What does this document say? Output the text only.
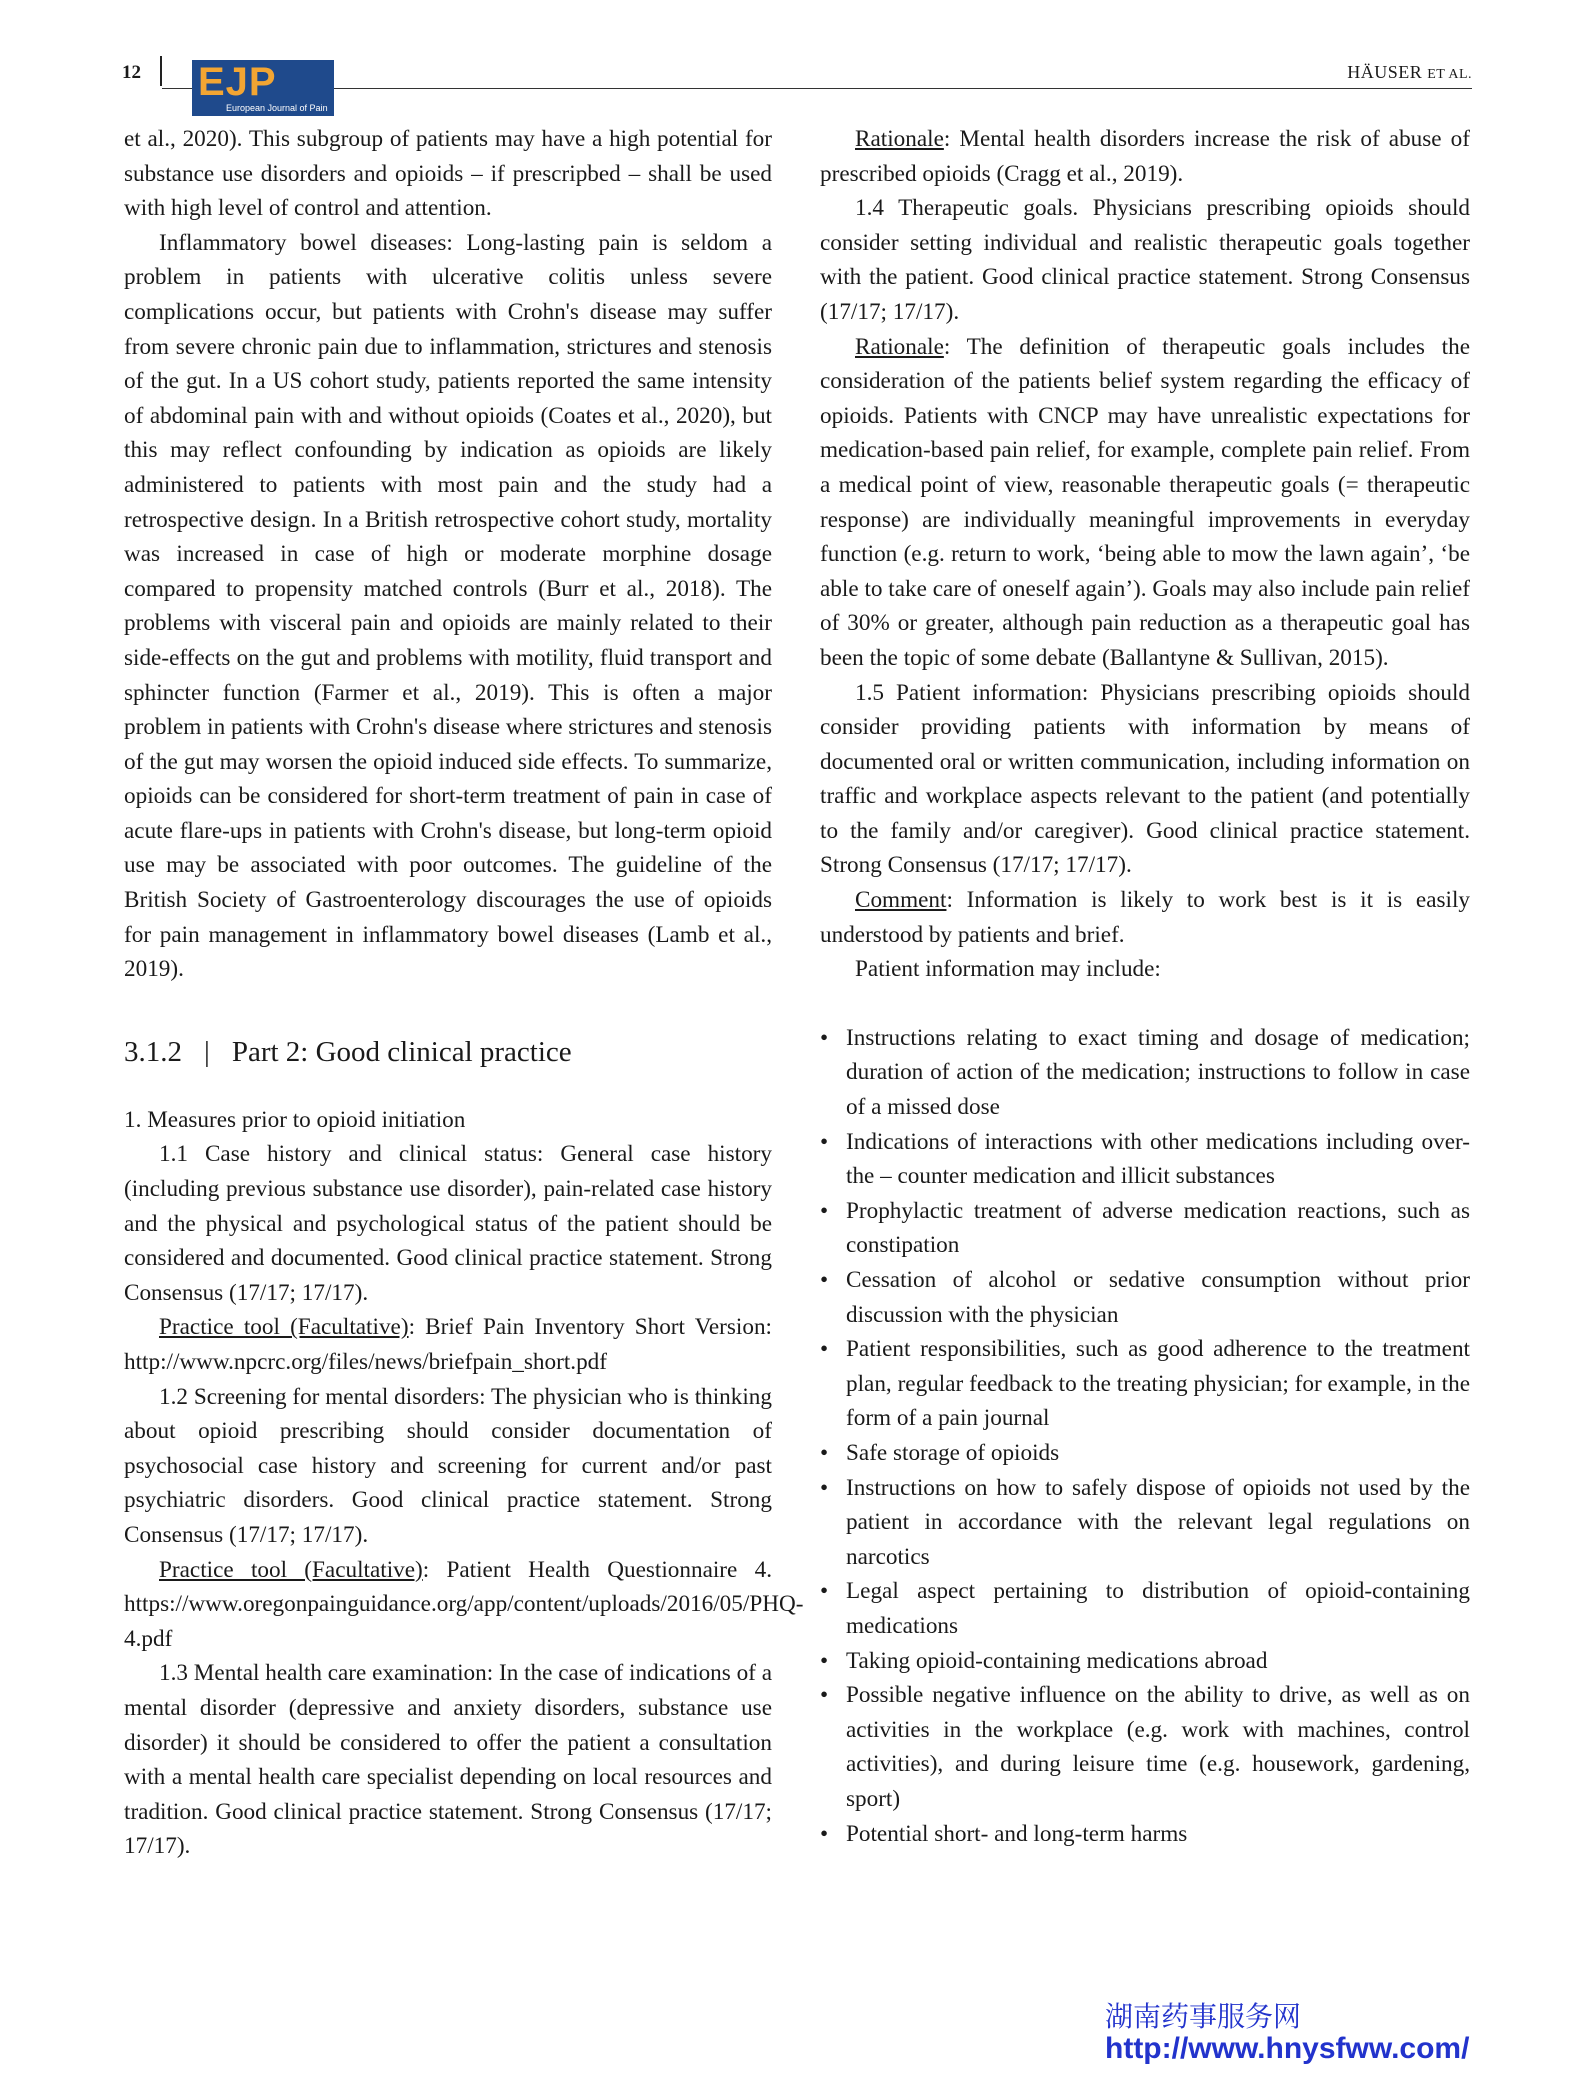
12 EJP
European Journal of Pain
HÄUSER ET AL.

et al., 2020). This subgroup of patients may have a high potential for substance use disorders and opioids – if prescripbed – shall be used with high level of control and attention.

Inflammatory bowel diseases: Long-lasting pain is seldom a problem in patients with ulcerative colitis unless severe complications occur, but patients with Crohn's disease may suffer from severe chronic pain due to inflammation, strictures and stenosis of the gut. In a US cohort study, patients reported the same intensity of abdominal pain with and without opioids (Coates et al., 2020), but this may reflect confounding by indication as opioids are likely administered to patients with most pain and the study had a retrospective design. In a British retrospective cohort study, mortality was increased in case of high or moderate morphine dosage compared to propensity matched controls (Burr et al., 2018). The problems with visceral pain and opioids are mainly related to their side-effects on the gut and problems with motility, fluid transport and sphincter function (Farmer et al., 2019). This is often a major problem in patients with Crohn's disease where strictures and stenosis of the gut may worsen the opioid induced side effects. To summarize, opioids can be considered for short-term treatment of pain in case of acute flare-ups in patients with Crohn's disease, but long-term opioid use may be associated with poor outcomes. The guideline of the British Society of Gastroenterology discourages the use of opioids for pain management in inflammatory bowel diseases (Lamb et al., 2019).

3.1.2 | Part 2: Good clinical practice

1. Measures prior to opioid initiation

1.1 Case history and clinical status: General case history (including previous substance use disorder), pain-related case history and the physical and psychological status of the patient should be considered and documented. Good clinical practice statement. Strong Consensus (17/17; 17/17).

Practice tool (Facultative): Brief Pain Inventory Short Version: http://www.npcrc.org/files/news/briefpain_short.pdf

1.2 Screening for mental disorders: The physician who is thinking about opioid prescribing should consider documentation of psychosocial case history and screening for current and/or past psychiatric disorders. Good clinical practice statement. Strong Consensus (17/17; 17/17).

Practice tool (Facultative): Patient Health Questionnaire 4. https://www.oregonpainguidance.org/app/content/uploads/2016/05/PHQ-4.pdf

1.3 Mental health care examination: In the case of indications of a mental disorder (depressive and anxiety disorders, substance use disorder) it should be considered to offer the patient a consultation with a mental health care specialist depending on local resources and tradition. Good clinical practice statement. Strong Consensus (17/17; 17/17).

Rationale: Mental health disorders increase the risk of abuse of prescribed opioids (Cragg et al., 2019).

1.4 Therapeutic goals. Physicians prescribing opioids should consider setting individual and realistic therapeutic goals together with the patient. Good clinical practice statement. Strong Consensus (17/17; 17/17).

Rationale: The definition of therapeutic goals includes the consideration of the patients belief system regarding the efficacy of opioids. Patients with CNCP may have unrealistic expectations for medication-based pain relief, for example, complete pain relief. From a medical point of view, reasonable therapeutic goals (= therapeutic response) are individually meaningful improvements in everyday function (e.g. return to work, ‘being able to mow the lawn again’, ‘be able to take care of oneself again’). Goals may also include pain relief of 30% or greater, although pain reduction as a therapeutic goal has been the topic of some debate (Ballantyne & Sullivan, 2015).

1.5 Patient information: Physicians prescribing opioids should consider providing patients with information by means of documented oral or written communication, including information on traffic and workplace aspects relevant to the patient (and potentially to the family and/or caregiver). Good clinical practice statement. Strong Consensus (17/17; 17/17).

Comment: Information is likely to work best is it is easily understood by patients and brief.

Patient information may include:

• Instructions relating to exact timing and dosage of medication; duration of action of the medication; instructions to follow in case of a missed dose
• Indications of interactions with other medications including over- the – counter medication and illicit substances
• Prophylactic treatment of adverse medication reactions, such as constipation
• Cessation of alcohol or sedative consumption without prior discussion with the physician
• Patient responsibilities, such as good adherence to the treatment plan, regular feedback to the treating physician; for example, in the form of a pain journal
• Safe storage of opioids
• Instructions on how to safely dispose of opioids not used by the patient in accordance with the relevant legal regulations on narcotics
• Legal aspect pertaining to distribution of opioid-containing medications
• Taking opioid-containing medications abroad
• Possible negative influence on the ability to drive, as well as on activities in the workplace (e.g. work with machines, control activities), and during leisure time (e.g. housework, gardening, sport)
• Potential short- and long-term harms
湖南药事服务网
http://www.hnysfww.com/
